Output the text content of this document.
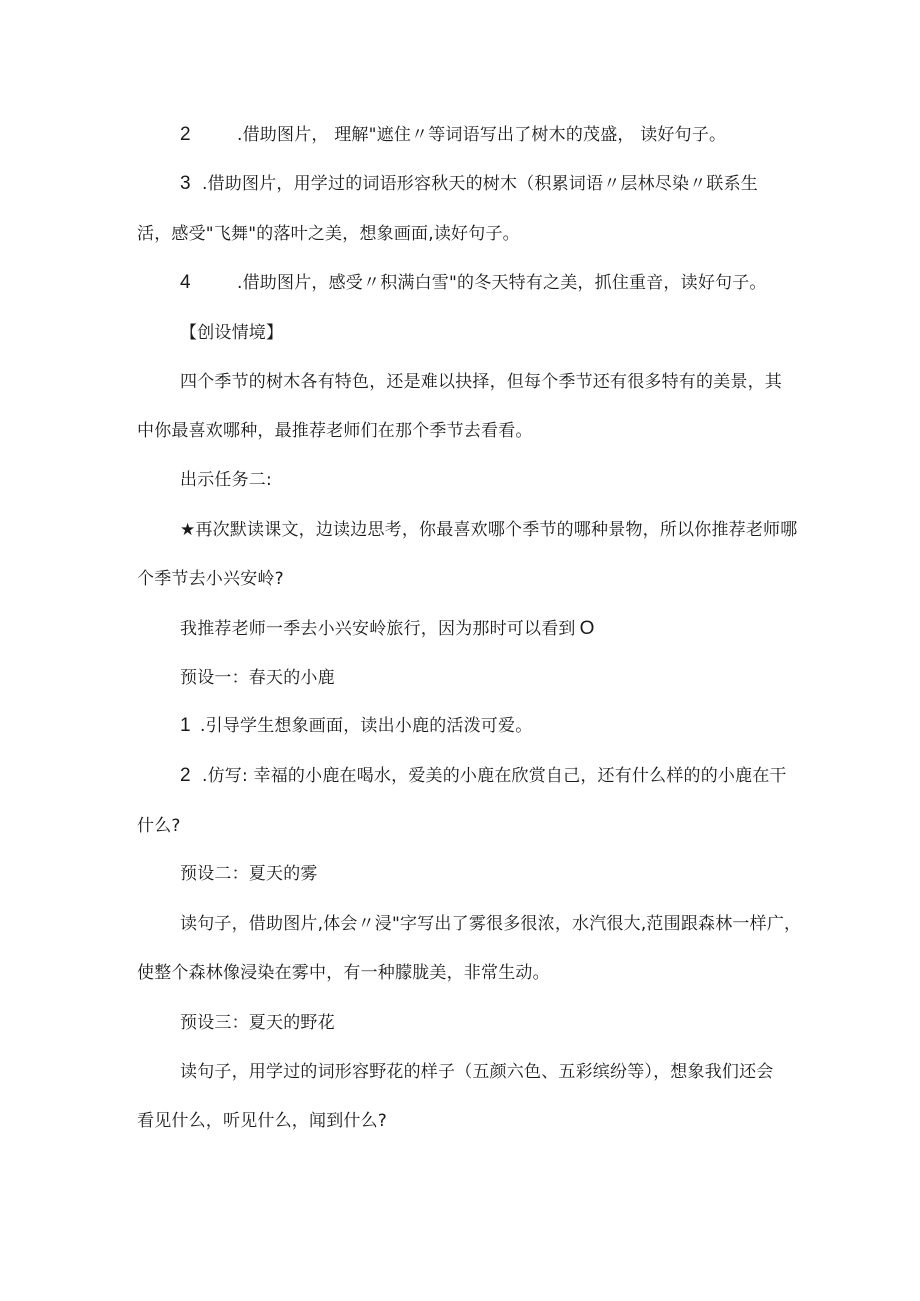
2	.借助图片， 理解"遮住〃等词语写出了树木的茂盛， 读好句子。
3 .借助图片，用学过的词语形容秋天的树木（积累词语〃层林尽染〃联系生
活，感受"飞舞"的落叶之美，想象画面,读好句子。
4	.借助图片，感受〃积满白雪"的冬天特有之美，抓住重音，读好句子。
【创设情境】
四个季节的树木各有特色，还是难以抉择，但每个季节还有很多特有的美景，其
中你最喜欢哪种，最推荐老师们在那个季节去看看。
出示任务二:
★再次默读课文，边读边思考，你最喜欢哪个季节的哪种景物，所以你推荐老师哪
个季节去小兴安岭?
我推荐老师一季去小兴安岭旅行，因为那时可以看到 O
预设一：春天的小鹿
1 .引导学生想象画面，读出小鹿的活泼可爱。
2 .仿写: 幸福的小鹿在喝水，爱美的小鹿在欣赏自己，还有什么样的的小鹿在干
什么?
预设二：夏天的雾
读句子，借助图片,体会〃浸"字写出了雾很多很浓，水汽很大,范围跟森林一样广，
使整个森林像浸染在雾中，有一种朦胧美，非常生动。
预设三：夏天的野花
读句子，用学过的词形容野花的样子（五颜六色、五彩缤纷等），想象我们还会
看见什么，听见什么，闻到什么?
